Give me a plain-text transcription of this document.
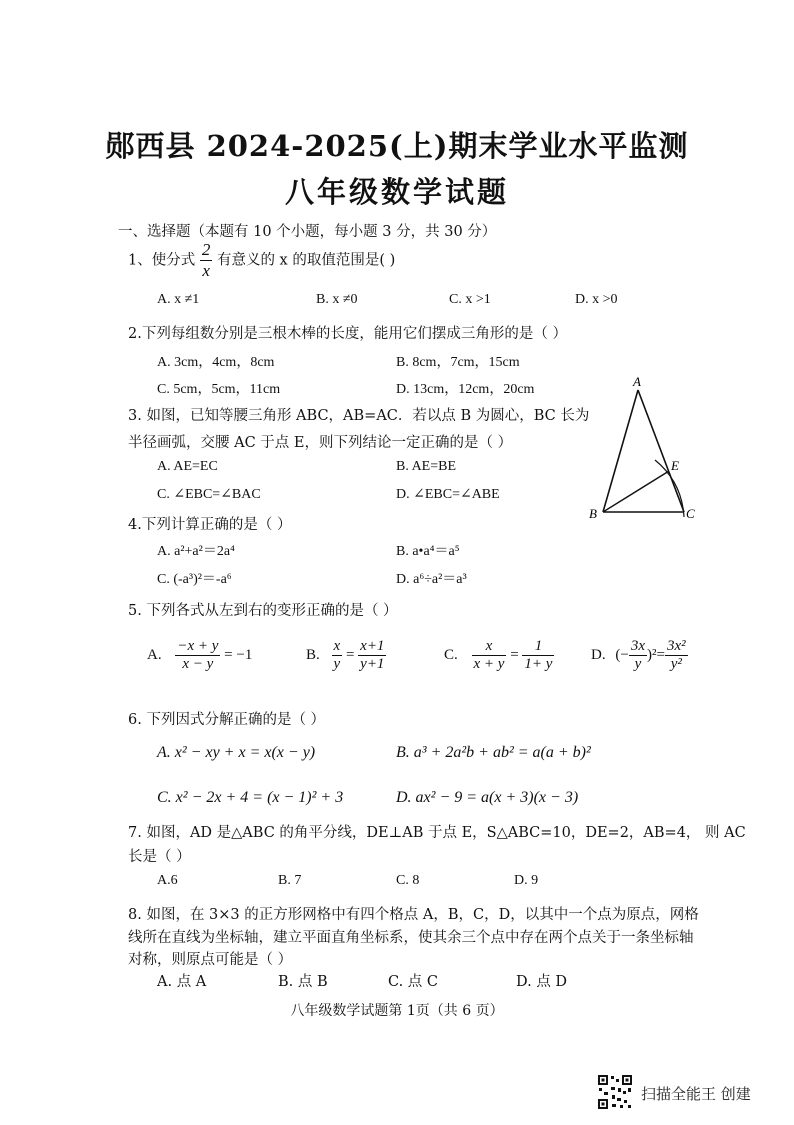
郧西县 2024-2025(上)期末学业水平监测
八年级数学试题
一、选择题（本题有 10 个小题，每小题 3 分，共 30 分）
1、使分式 $\frac{2}{x}$ 有意义的 x 的取值范围是( )
A. x ≠1	B. x ≠0	C. x >1	D. x >0
2.下列每组数分别是三根木棒的长度，能用它们摆成三角形的是（ ）
A. 3cm，4cm，8cm	B. 8cm，7cm，15cm
C. 5cm，5cm，11cm	D. 13cm，12cm，20cm
3. 如图，已知等腰三角形 ABC，AB=AC．若以点 B 为圆心，BC 长为
半径画弧，交腰 AC 于点 E，则下列结论一定正确的是（ ）
A. AE=EC	B. AE=BE
C. ∠EBC=∠BAC	D. ∠EBC=∠ABE
A
B	C
E
4.下列计算正确的是（ ）
A. a²+a²＝2a⁴	B. a•a⁴＝a⁵
C. (-a³)²＝-a⁶	D. a⁶÷a²＝a³
5. 下列各式从左到右的变形正确的是（ ）
A. $\frac{-x + y}{x - y} = -1$	B. $\frac{x}{y} = \frac{x+1}{y+1}$	C. $\frac{x}{x + y} = \frac{1}{1+ y} D$. (− $\frac{3x}{y} )^2= \frac{\text{3x²}}{\text{y²}}$
6. 下列因式分解正确的是（ ）
A. x² − xy + x = x(x − y)	B. a³ + 2a²b + ab² = a(a + b)²
C. x² − 2x + 4 = (x − 1)² + 3	D. ax² − 9 = a(x + 3)(x − 3)
7. 如图，AD 是△ABC 的角平分线，DE⊥AB 于点 E，S△ABC=10，DE=2，AB=4， 则 AC
长是（ ）
A.6	B. 7	C. 8	D. 9
8. 如图，在 3×3 的正方形网格中有四个格点 A，B，C，D，以其中一个点为原点，网格
线所在直线为坐标轴，建立平面直角坐标系，使其余三个点中存在两个点关于一条坐标轴
对称，则原点可能是（ ）
A. 点 A	B. 点 B	C. 点 C	D. 点 D
八年级数学试题第 1页（共 6 页）
扫描全能王 创建
